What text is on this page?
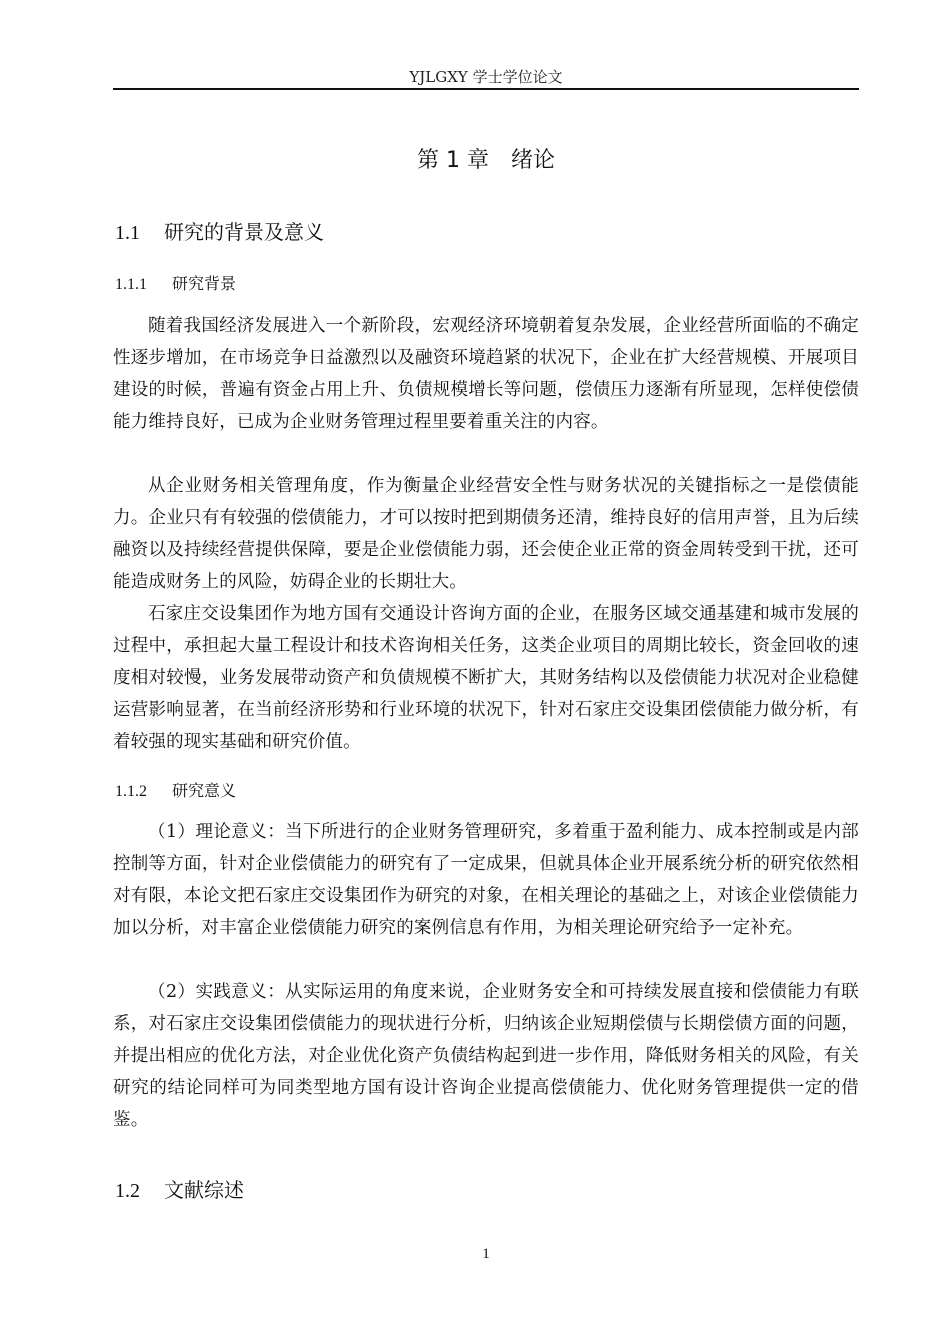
YJLGXY 学士学位论文
第 1 章　绪论
1.1 研究的背景及意义
1.1.1 研究背景

随着我国经济发展进入一个新阶段，宏观经济环境朝着复杂发展，企业经营所面临的不确定性逐步增加，在市场竞争日益激烈以及融资环境趋紧的状况下，企业在扩大经营规模、开展项目建设的时候，普遍有资金占用上升、负债规模增长等问题，偿债压力逐渐有所显现，怎样使偿债能力维持良好，已成为企业财务管理过程里要着重关注的内容。

从企业财务相关管理角度，作为衡量企业经营安全性与财务状况的关键指标之一是偿债能力。企业只有有较强的偿债能力，才可以按时把到期债务还清，维持良好的信用声誉，且为后续融资以及持续经营提供保障，要是企业偿债能力弱，还会使企业正常的资金周转受到干扰，还可能造成财务上的风险，妨碍企业的长期壮大。

石家庄交设集团作为地方国有交通设计咨询方面的企业，在服务区域交通基建和城市发展的过程中，承担起大量工程设计和技术咨询相关任务，这类企业项目的周期比较长，资金回收的速度相对较慢，业务发展带动资产和负债规模不断扩大，其财务结构以及偿债能力状况对企业稳健运营影响显著，在当前经济形势和行业环境的状况下，针对石家庄交设集团偿债能力做分析，有着较强的现实基础和研究价值。

1.1.2 研究意义

（1）理论意义：当下所进行的企业财务管理研究，多着重于盈利能力、成本控制或是内部控制等方面，针对企业偿债能力的研究有了一定成果，但就具体企业开展系统分析的研究依然相对有限，本论文把石家庄交设集团作为研究的对象，在相关理论的基础之上，对该企业偿债能力加以分析，对丰富企业偿债能力研究的案例信息有作用，为相关理论研究给予一定补充。

（2）实践意义：从实际运用的角度来说，企业财务安全和可持续发展直接和偿债能力有联系，对石家庄交设集团偿债能力的现状进行分析，归纳该企业短期偿债与长期偿债方面的问题，并提出相应的优化方法，对企业优化资产负债结构起到进一步作用，降低财务相关的风险，有关研究的结论同样可为同类型地方国有设计咨询企业提高偿债能力、优化财务管理提供一定的借鉴。

1.2 文献综述
1
